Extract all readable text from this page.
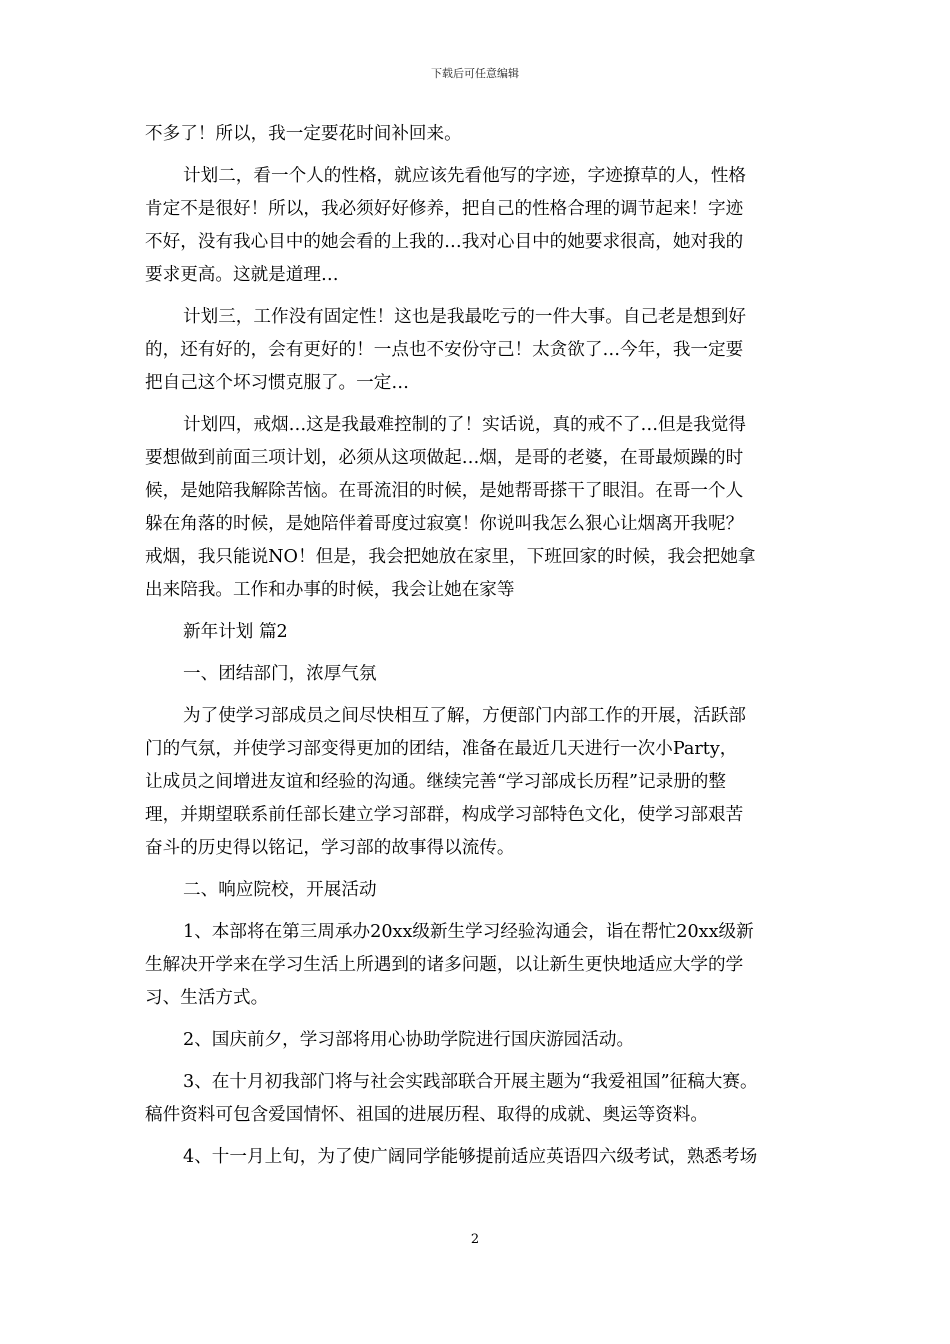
下载后可任意编辑
不多了！所以，我一定要花时间补回来。
计划二，看一个人的性格，就应该先看他写的字迹，字迹撩草的人，性格
肯定不是很好！所以，我必须好好修养，把自己的性格合理的调节起来！字迹
不好，没有我心目中的她会看的上我的…我对心目中的她要求很高，她对我的
要求更高。这就是道理…
计划三，工作没有固定性！这也是我最吃亏的一件大事。自己老是想到好
的，还有好的，会有更好的！一点也不安份守己！太贪欲了…今年，我一定要
把自己这个坏习惯克服了。一定…
计划四，戒烟…这是我最难控制的了！实话说，真的戒不了…但是我觉得
要想做到前面三项计划，必须从这项做起…烟，是哥的老婆，在哥最烦躁的时
候，是她陪我解除苦恼。在哥流泪的时候，是她帮哥搽干了眼泪。在哥一个人
躲在角落的时候，是她陪伴着哥度过寂寞！你说叫我怎么狠心让烟离开我呢？
戒烟，我只能说NO！但是，我会把她放在家里，下班回家的时候，我会把她拿
出来陪我。工作和办事的时候，我会让她在家等
新年计划 篇2
一、团结部门，浓厚气氛
为了使学习部成员之间尽快相互了解，方便部门内部工作的开展，活跃部
门的气氛，并使学习部变得更加的团结，准备在最近几天进行一次小Party，
让成员之间增进友谊和经验的沟通。继续完善“学习部成长历程”记录册的整
理，并期望联系前任部长建立学习部群，构成学习部特色文化，使学习部艰苦
奋斗的历史得以铭记，学习部的故事得以流传。
二、响应院校，开展活动
1、本部将在第三周承办20xx级新生学习经验沟通会，诣在帮忙20xx级新
生解决开学来在学习生活上所遇到的诸多问题，以让新生更快地适应大学的学
习、生活方式。
2、国庆前夕，学习部将用心协助学院进行国庆游园活动。
3、在十月初我部门将与社会实践部联合开展主题为“我爱祖国”征稿大赛。
稿件资料可包含爱国情怀、祖国的进展历程、取得的成就、奥运等资料。
4、十一月上旬，为了使广阔同学能够提前适应英语四六级考试，熟悉考场
2
